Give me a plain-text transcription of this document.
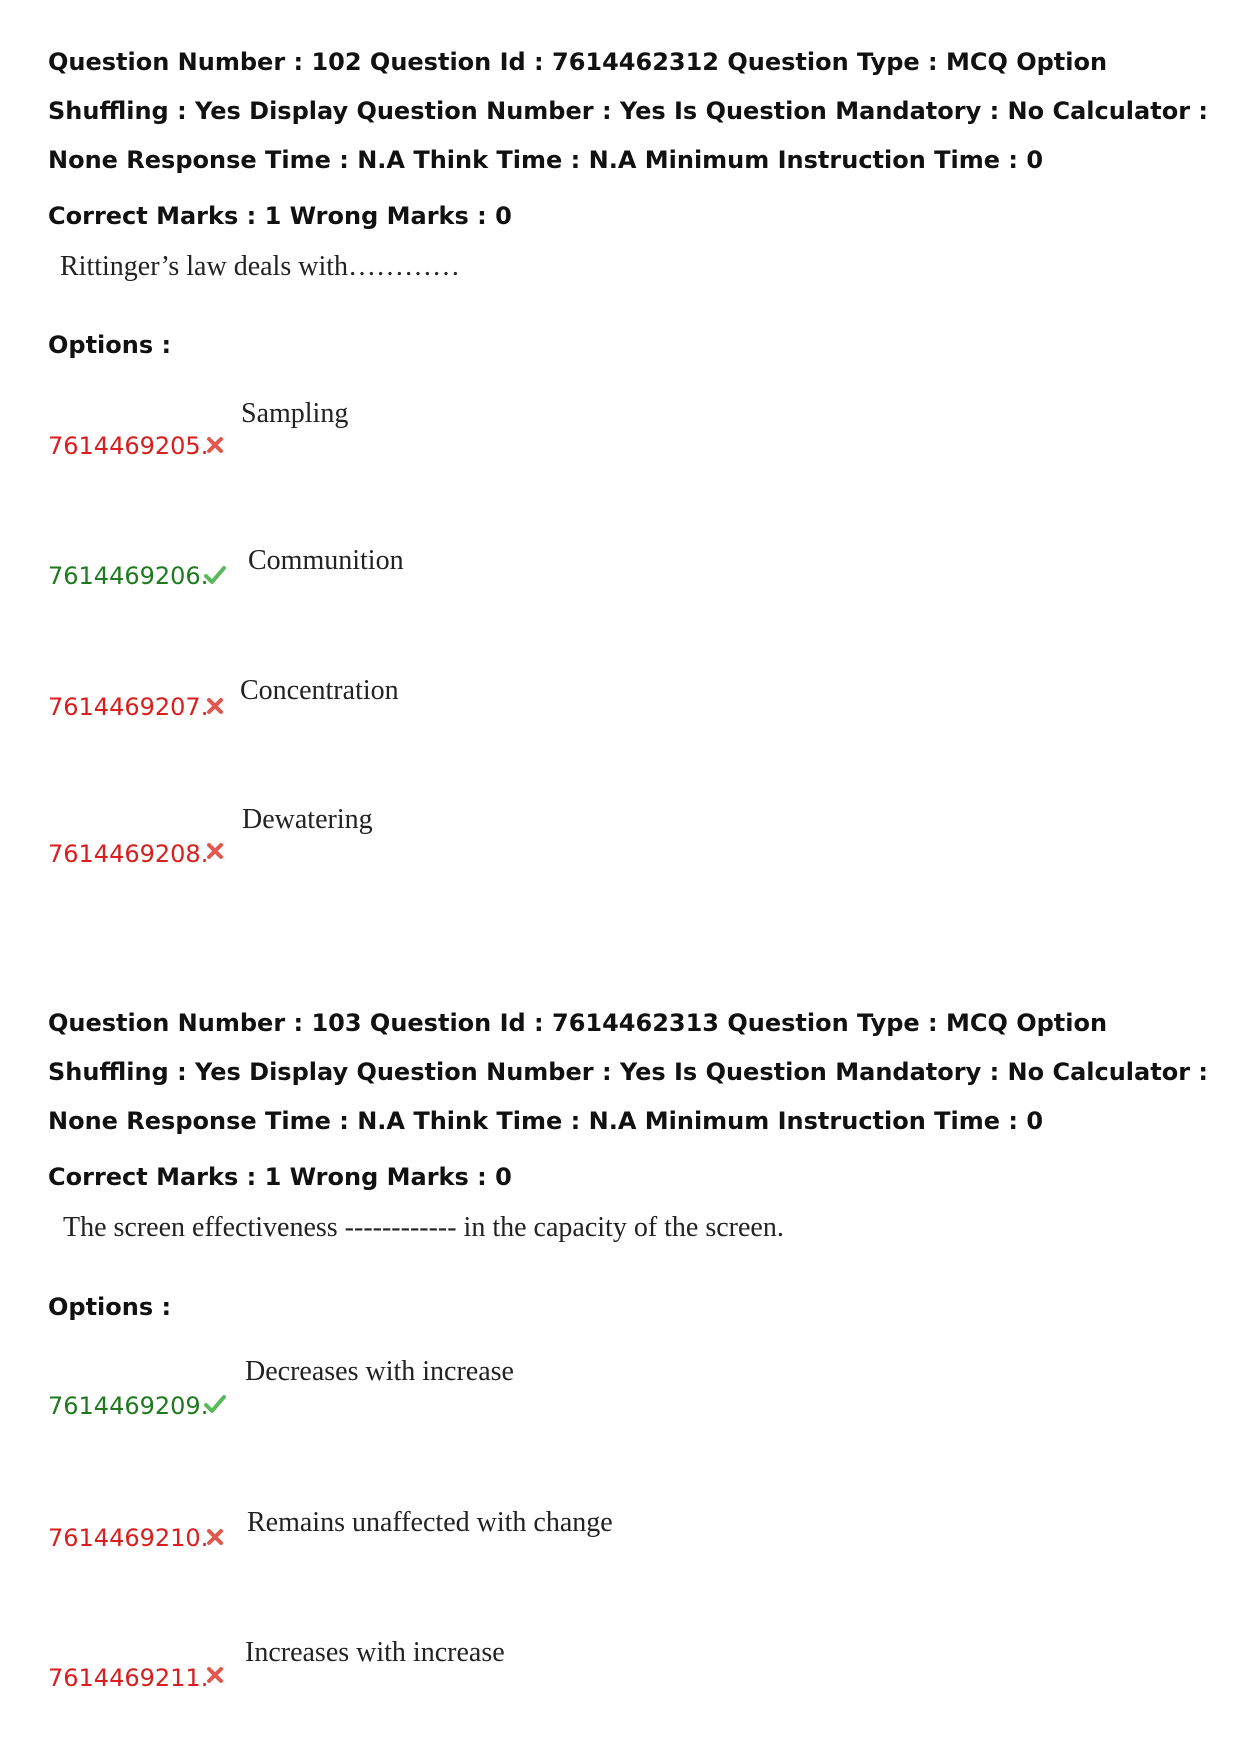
Question Number : 102 Question Id : 7614462312 Question Type : MCQ Option Shuffling : Yes Display Question Number : Yes Is Question Mandatory : No Calculator : None Response Time : N.A Think Time : N.A Minimum Instruction Time : 0

Correct Marks : 1 Wrong Marks : 0

Rittinger’s law deals with…………

Options :

7614469205.
Sampling
7614469206. Communition
7614469207.
Concentration
7614469208.
Dewatering

Question Number : 103 Question Id : 7614462313 Question Type : MCQ Option Shuffling : Yes Display Question Number : Yes Is Question Mandatory : No Calculator : None Response Time : N.A Think Time : N.A Minimum Instruction Time : 0

Correct Marks : 1 Wrong Marks : 0

The screen effectiveness ------------ in the capacity of the screen.

Options :

7614469209.
Decreases with increase
7614469210. Remains unaffected with change
7614469211.
Increases with increase
